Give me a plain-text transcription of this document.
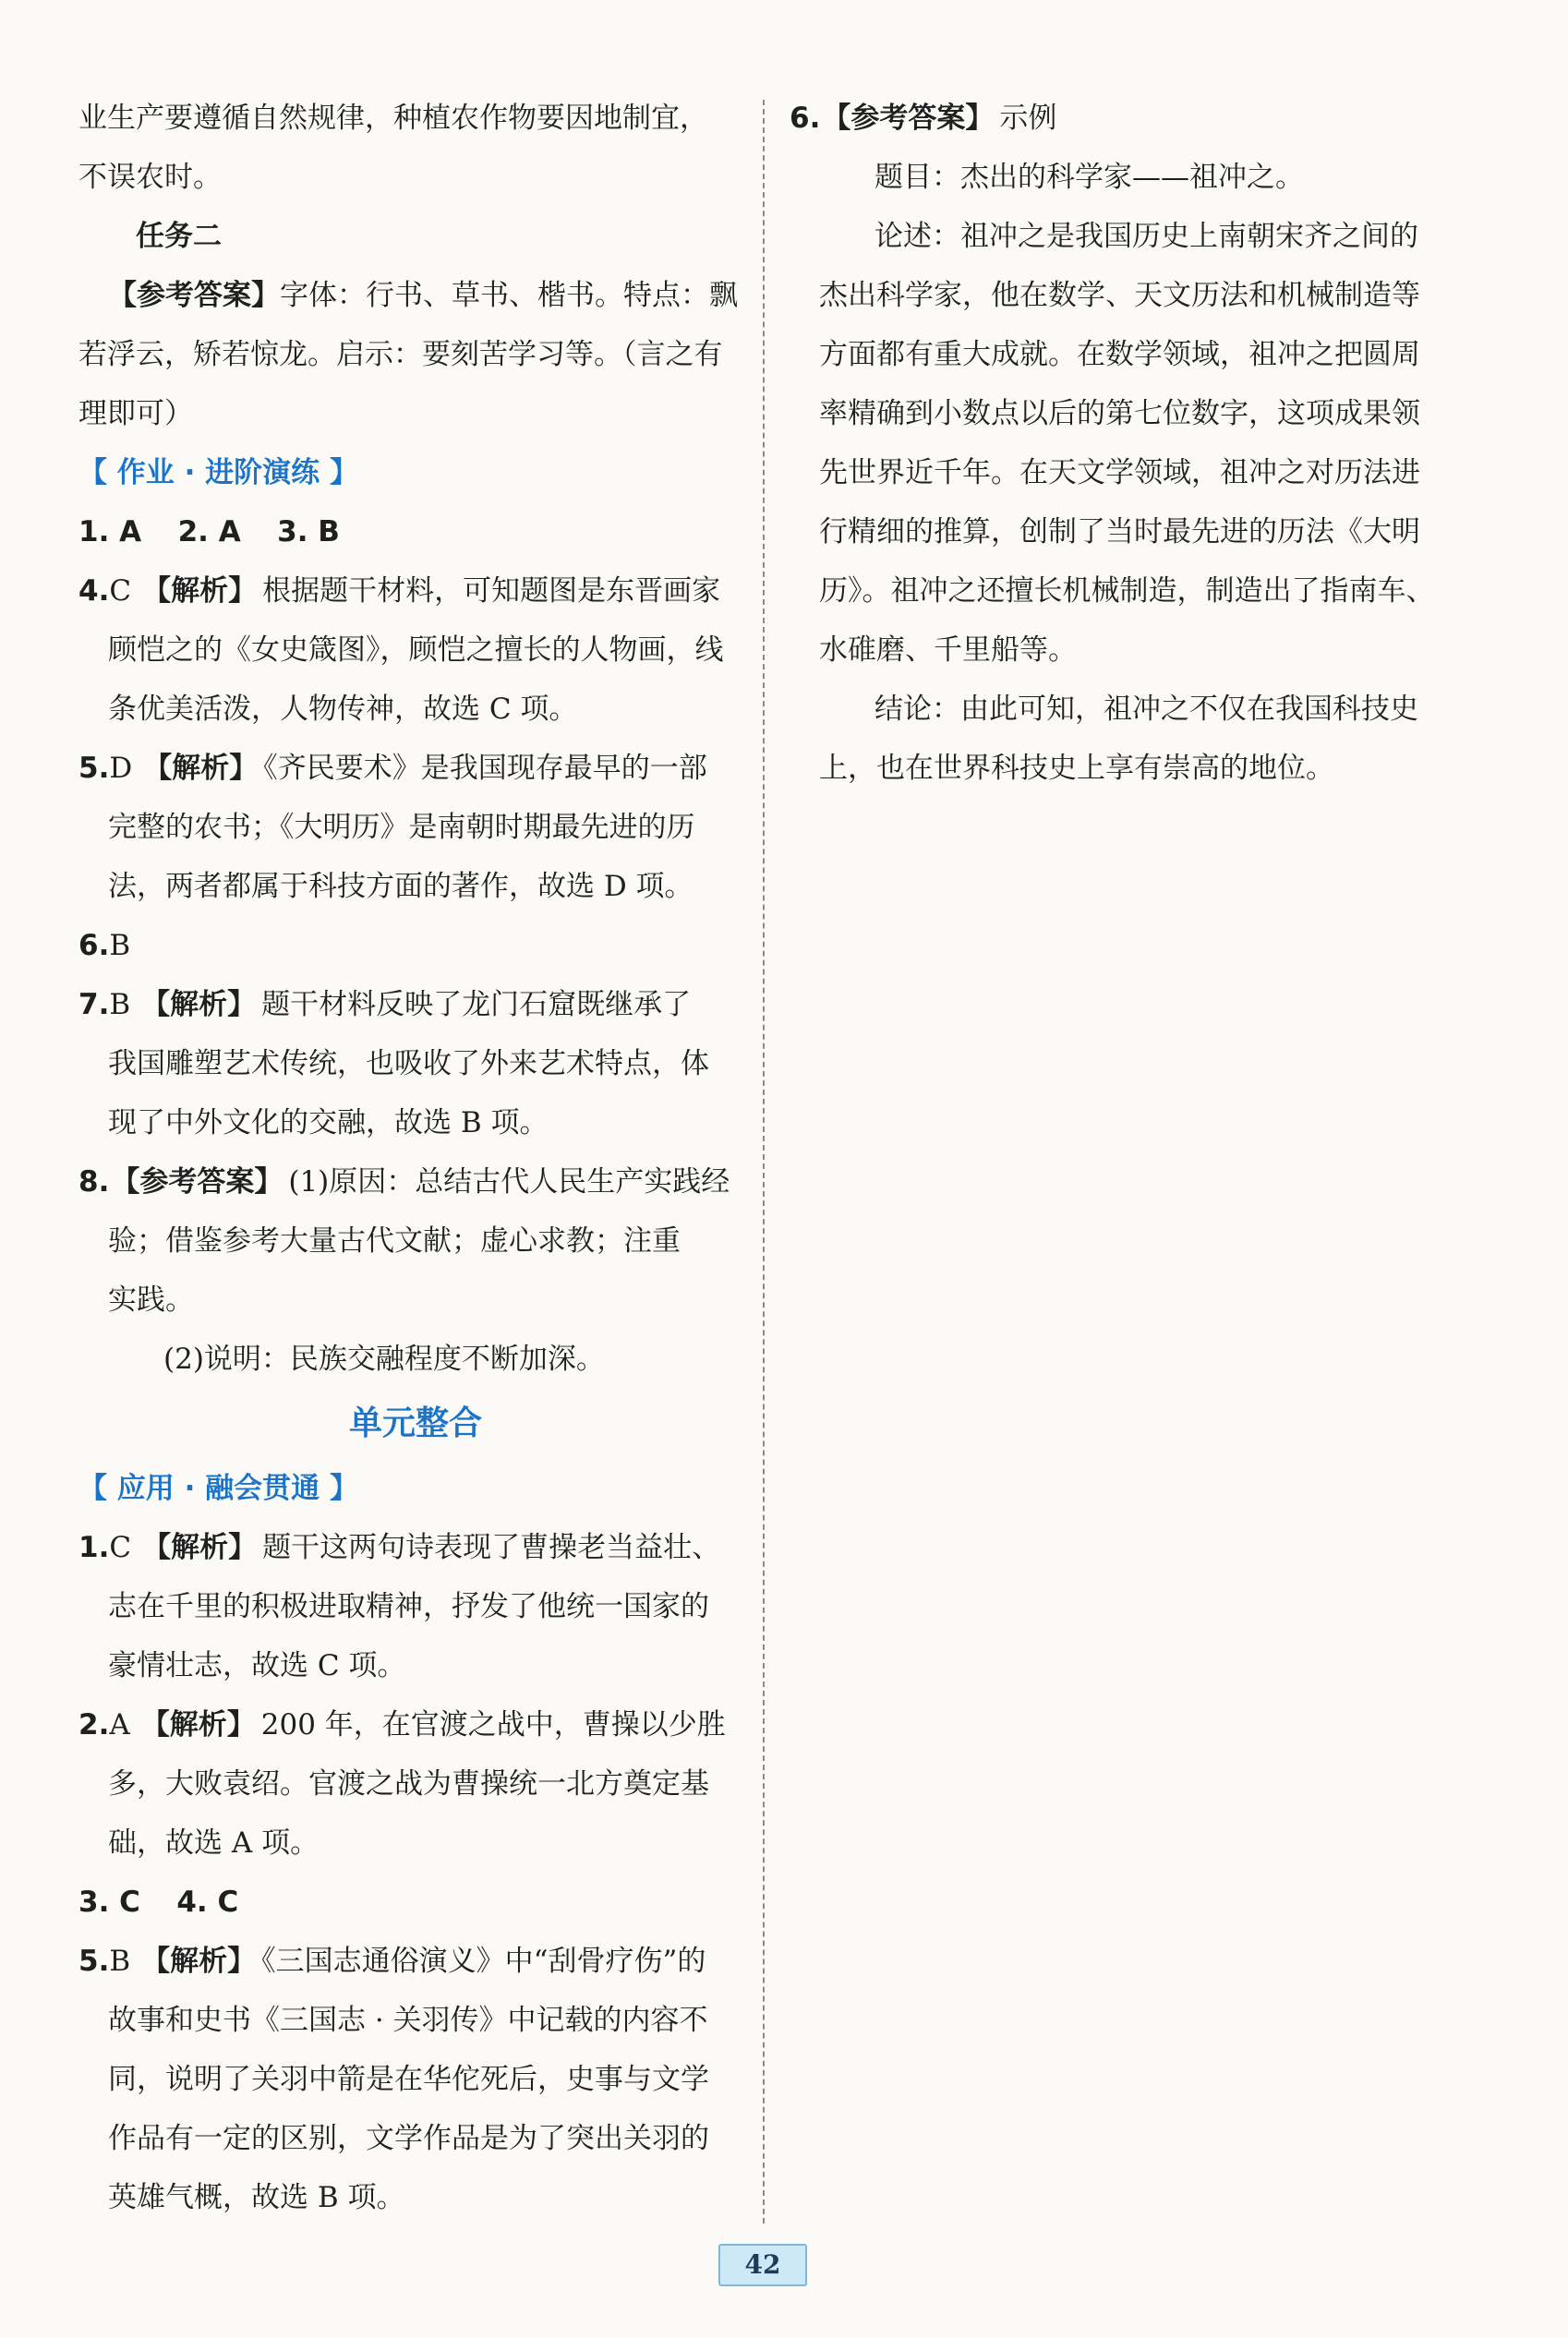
业生产要遵循自然规律，种植农作物要因地制宜，
不误农时。
任务二
【参考答案】字体：行书、草书、楷书。特点：飘
若浮云，矫若惊龙。启示：要刻苦学习等。（言之有
理即可）
【 作业 · 进阶演练 】
1. A 2. A 3. B
4.C 【解析】 根据题干材料，可知题图是东晋画家
顾恺之的《女史箴图》，顾恺之擅长的人物画，线
条优美活泼，人物传神，故选 C 项。
5.D 【解析】 《齐民要术》是我国现存最早的一部
完整的农书；《大明历》是南朝时期最先进的历
法，两者都属于科技方面的著作，故选 D 项。
6.B
7.B 【解析】 题干材料反映了龙门石窟既继承了
我国雕塑艺术传统，也吸收了外来艺术特点，体
现了中外文化的交融，故选 B 项。
8.【参考答案】 (1)原因：总结古代人民生产实践经
验；借鉴参考大量古代文献；虚心求教；注重
实践。
(2)说明：民族交融程度不断加深。
单元整合
【 应用 · 融会贯通 】
1.C 【解析】 题干这两句诗表现了曹操老当益壮、
志在千里的积极进取精神，抒发了他统一国家的
豪情壮志，故选 C 项。
2.A 【解析】 200 年，在官渡之战中，曹操以少胜
多，大败袁绍。官渡之战为曹操统一北方奠定基
础，故选 A 项。
3. C 4. C
5.B 【解析】 《三国志通俗演义》中“刮骨疗伤”的
故事和史书《三国志 · 关羽传》中记载的内容不
同，说明了关羽中箭是在华佗死后，史事与文学
作品有一定的区别，文学作品是为了突出关羽的
英雄气概，故选 B 项。
6.【参考答案】 示例
题目：杰出的科学家——祖冲之。
论述：祖冲之是我国历史上南朝宋齐之间的
杰出科学家，他在数学、天文历法和机械制造等
方面都有重大成就。在数学领域，祖冲之把圆周
率精确到小数点以后的第七位数字，这项成果领
先世界近千年。在天文学领域，祖冲之对历法进
行精细的推算，创制了当时最先进的历法《大明
历》。祖冲之还擅长机械制造，制造出了指南车、
水碓磨、千里船等。
结论：由此可知，祖冲之不仅在我国科技史
上，也在世界科技史上享有崇高的地位。
42
